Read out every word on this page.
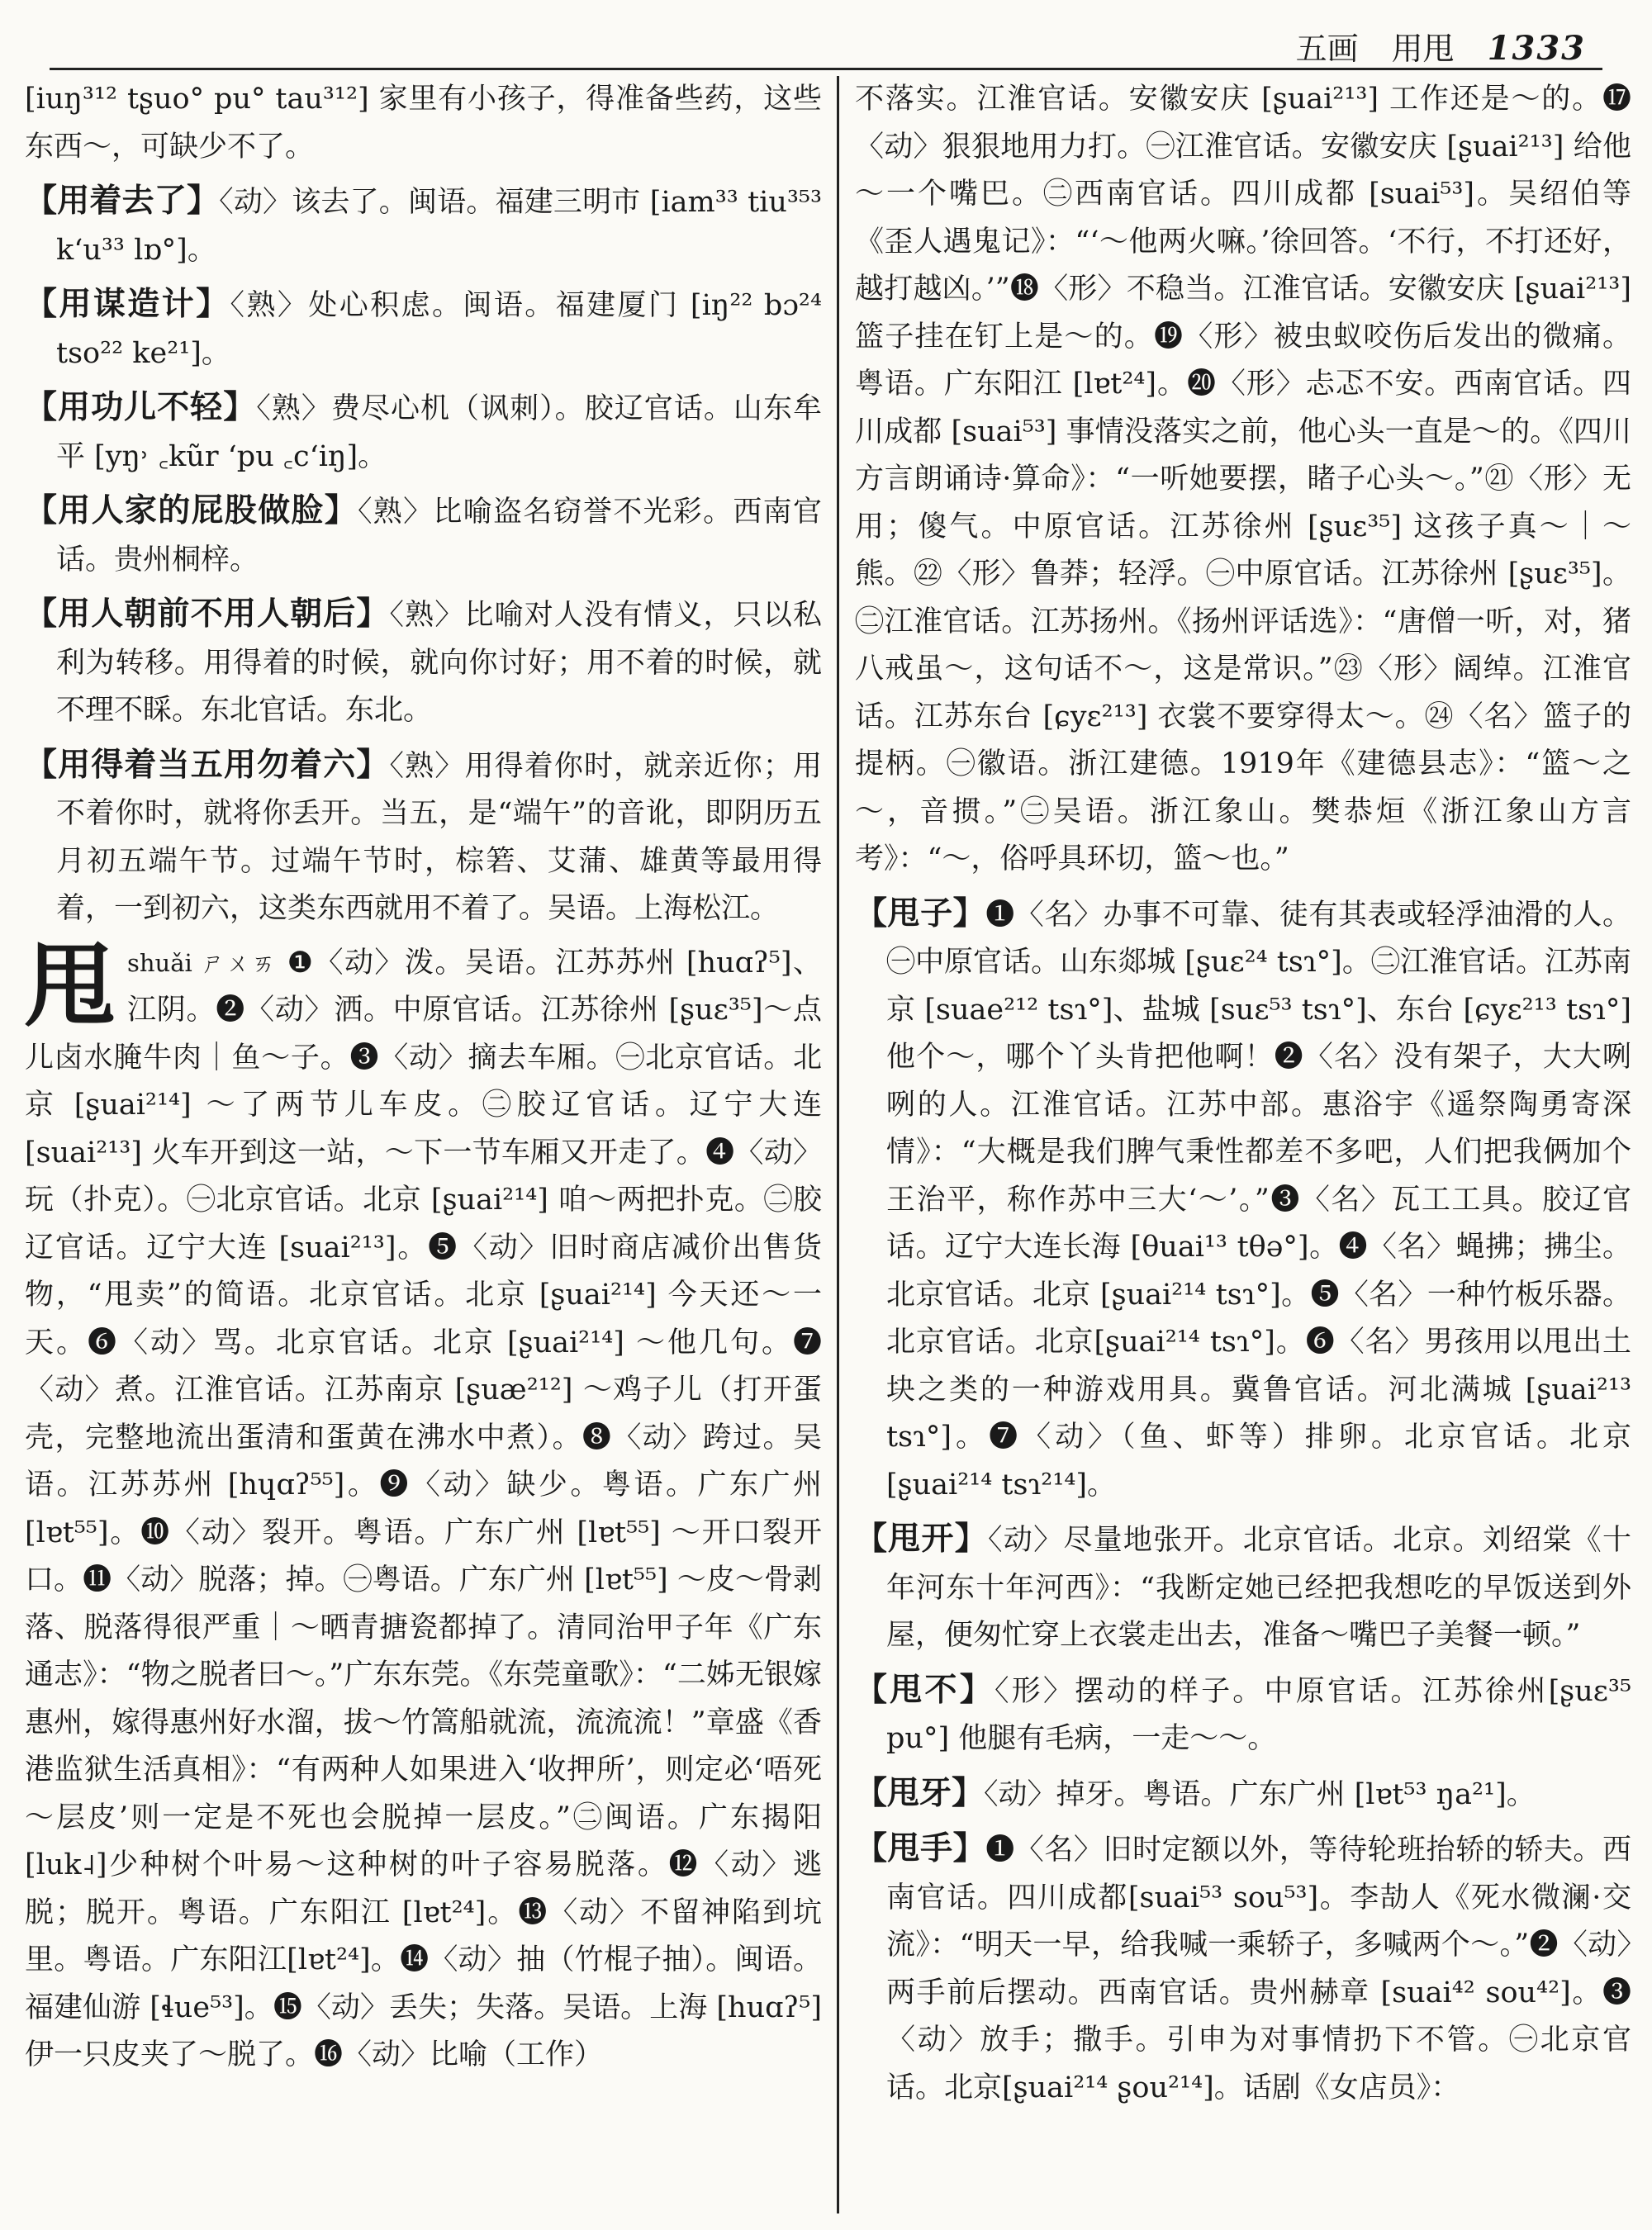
五画 用甩 1333

[iuŋ³¹² tʂuo° pu° tau³¹²] 家里有小孩子，得准备些药，这些东西～，可缺少不了。

【用着去了】〈动〉该去了。闽语。福建三明市 [iam³³ tiu³⁵³ kʻu³³ lɒ°]。

【用谋造计】〈熟〉处心积虑。闽语。福建厦门 [iŋ²² bɔ²⁴ tso²² ke²¹]。

【用功儿不轻】〈熟〉费尽心机（讽刺）。胶辽官话。山东牟平 [yŋ˒ ꜀kũr ʻpu ꜀cʻiŋ]。

【用人家的屁股做脸】〈熟〉比喻盗名窃誉不光彩。西南官话。贵州桐梓。

【用人朝前不用人朝后】〈熟〉比喻对人没有情义，只以私利为转移。用得着的时候，就向你讨好；用不着的时候，就不理不睬。东北官话。东北。

【用得着当五用勿着六】〈熟〉用得着你时，就亲近你；用不着你时，就将你丢开。当五，是“端午”的音讹，即阴历五月初五端午节。过端午节时，棕箬、艾蒲、雄黄等最用得着，一到初六，这类东西就用不着了。吴语。上海松江。

甩 $^{shuǎi ㄕㄨㄞ}$ ❶〈动〉泼。吴语。江苏苏州 [huɑʔ⁵]、江阴。❷〈动〉洒。中原官话。江苏徐州 [ʂuɛ³⁵]～点儿卤水腌牛肉｜鱼～子。❸〈动〉摘去车厢。㊀北京官话。北京 [ʂuai²¹⁴] ～了两节儿车皮。㊁胶辽官话。辽宁大连 [suai²¹³] 火车开到这一站，～下一节车厢又开走了。❹〈动〉玩（扑克）。㊀北京官话。北京 [ʂuai²¹⁴] 咱～两把扑克。㊁胶辽官话。辽宁大连 [suai²¹³]。❺〈动〉旧时商店减价出售货物，“甩卖”的简语。北京官话。北京 [ʂuai²¹⁴] 今天还～一天。❻〈动〉骂。北京官话。北京 [ʂuai²¹⁴] ～他几句。❼〈动〉煮。江淮官话。江苏南京 [ʂuæ²¹²] ～鸡子儿（打开蛋壳，完整地流出蛋清和蛋黄在沸水中煮）。❽〈动〉跨过。吴语。江苏苏州 [hɥɑʔ⁵⁵]。❾〈动〉缺少。粤语。广东广州 [lɐt⁵⁵]。❿〈动〉裂开。粤语。广东广州 [lɐt⁵⁵] ～开口裂开口。⓫〈动〉脱落；掉。㊀粤语。广东广州 [lɐt⁵⁵] ～皮～骨剥落、脱落得很严重｜～晒青搪瓷都掉了。清同治甲子年《广东通志》：“物之脱者曰～。”广东东莞。《东莞童歌》：“二姊无银嫁惠州，嫁得惠州好水溜，拔～竹篙船就流，流流流！”章盛《香港监狱生活真相》：“有两种人如果进入‘收押所’，则定必‘唔死～层皮’则一定是不死也会脱掉一层皮。”㊁闽语。广东揭阳 [luk˨]少种树个叶易～这种树的叶子容易脱落。⓬〈动〉逃脱；脱开。粤语。广东阳江 [lɐt²⁴]。⓭〈动〉不留神陷到坑里。粤语。广东阳江[lɐt²⁴]。⓮〈动〉抽（竹棍子抽）。闽语。福建仙游 [ɬue⁵³]。⓯〈动〉丢失；失落。吴语。上海 [huɑʔ⁵] 伊一只皮夹了～脱了。⓰〈动〉比喻（工作）

不落实。江淮官话。安徽安庆 [ʂuai²¹³] 工作还是～的。⓱〈动〉狠狠地用力打。㊀江淮官话。安徽安庆 [ʂuai²¹³] 给他～一个嘴巴。㊁西南官话。四川成都 [suai⁵³]。吴绍伯等《歪人遇鬼记》：“‘～他两火嘛。’徐回答。‘不行，不打还好，越打越凶。’”⓲〈形〉不稳当。江淮官话。安徽安庆 [ʂuai²¹³] 篮子挂在钉上是～的。⓳〈形〉被虫蚁咬伤后发出的微痛。粤语。广东阳江 [lɐt²⁴]。⓴〈形〉忐忑不安。西南官话。四川成都 [suai⁵³] 事情没落实之前，他心头一直是～的。《四川方言朗诵诗·算命》：“一听她要摆，睹子心头～。”㉑〈形〉无用；傻气。中原官话。江苏徐州 [ʂuɛ³⁵] 这孩子真～｜～熊。㉒〈形〉鲁莽；轻浮。㊀中原官话。江苏徐州 [ʂuɛ³⁵]。㊁江淮官话。江苏扬州。《扬州评话选》：“唐僧一听，对，猪八戒虽～，这句话不～，这是常识。”㉓〈形〉阔绰。江淮官话。江苏东台 [ɕyɛ²¹³] 衣裳不要穿得太～。㉔〈名〉篮子的提柄。㊀徽语。浙江建德。1919年《建德县志》：“篮～之～，音掼。”㊁吴语。浙江象山。樊恭烜《浙江象山方言考》：“～，俗呼具环切，篮～也。”

【甩子】❶〈名〉办事不可靠、徒有其表或轻浮油滑的人。㊀中原官话。山东郯城 [ʂuɛ²⁴ tsɿ°]。㊁江淮官话。江苏南京 [suae²¹² tsɿ°]、盐城 [suɛ⁵³ tsɿ°]、东台 [ɕyɛ²¹³ tsɿ°]他个～，哪个丫头肯把他啊！❷〈名〉没有架子，大大咧咧的人。江淮官话。江苏中部。惠浴宇《遥祭陶勇寄深情》：“大概是我们脾气秉性都差不多吧，人们把我俩加个王治平，称作苏中三大‘～’。”❸〈名〉瓦工工具。胶辽官话。辽宁大连长海 [θuai¹³ tθə°]。❹〈名〉蝇拂；拂尘。北京官话。北京 [ʂuai²¹⁴ tsɿ°]。❺〈名〉一种竹板乐器。北京官话。北京[ʂuai²¹⁴ tsɿ°]。❻〈名〉男孩用以甩出土块之类的一种游戏用具。冀鲁官话。河北满城 [ʂuai²¹³ tsɿ°]。❼〈动〉（鱼、虾等）排卵。北京官话。北京 [ʂuai²¹⁴ tsɿ²¹⁴]。

【甩开】〈动〉尽量地张开。北京官话。北京。刘绍棠《十年河东十年河西》：“我断定她已经把我想吃的早饭送到外屋，便匆忙穿上衣裳走出去，准备～嘴巴子美餐一顿。”

【甩不】〈形〉摆动的样子。中原官话。江苏徐州[ʂuɛ³⁵ pu°] 他腿有毛病，一走～～。

【甩牙】〈动〉掉牙。粤语。广东广州 [lɐt⁵³ ŋa²¹]。

【甩手】❶〈名〉旧时定额以外，等待轮班抬轿的轿夫。西南官话。四川成都[suai⁵³ sou⁵³]。李劼人《死水微澜·交流》：“明天一早，给我喊一乘轿子，多喊两个～。”❷〈动〉两手前后摆动。西南官话。贵州赫章 [suai⁴² sou⁴²]。❸〈动〉放手；撒手。引申为对事情扔下不管。㊀北京官话。北京[ʂuai²¹⁴ ʂou²¹⁴]。话剧《女店员》：
